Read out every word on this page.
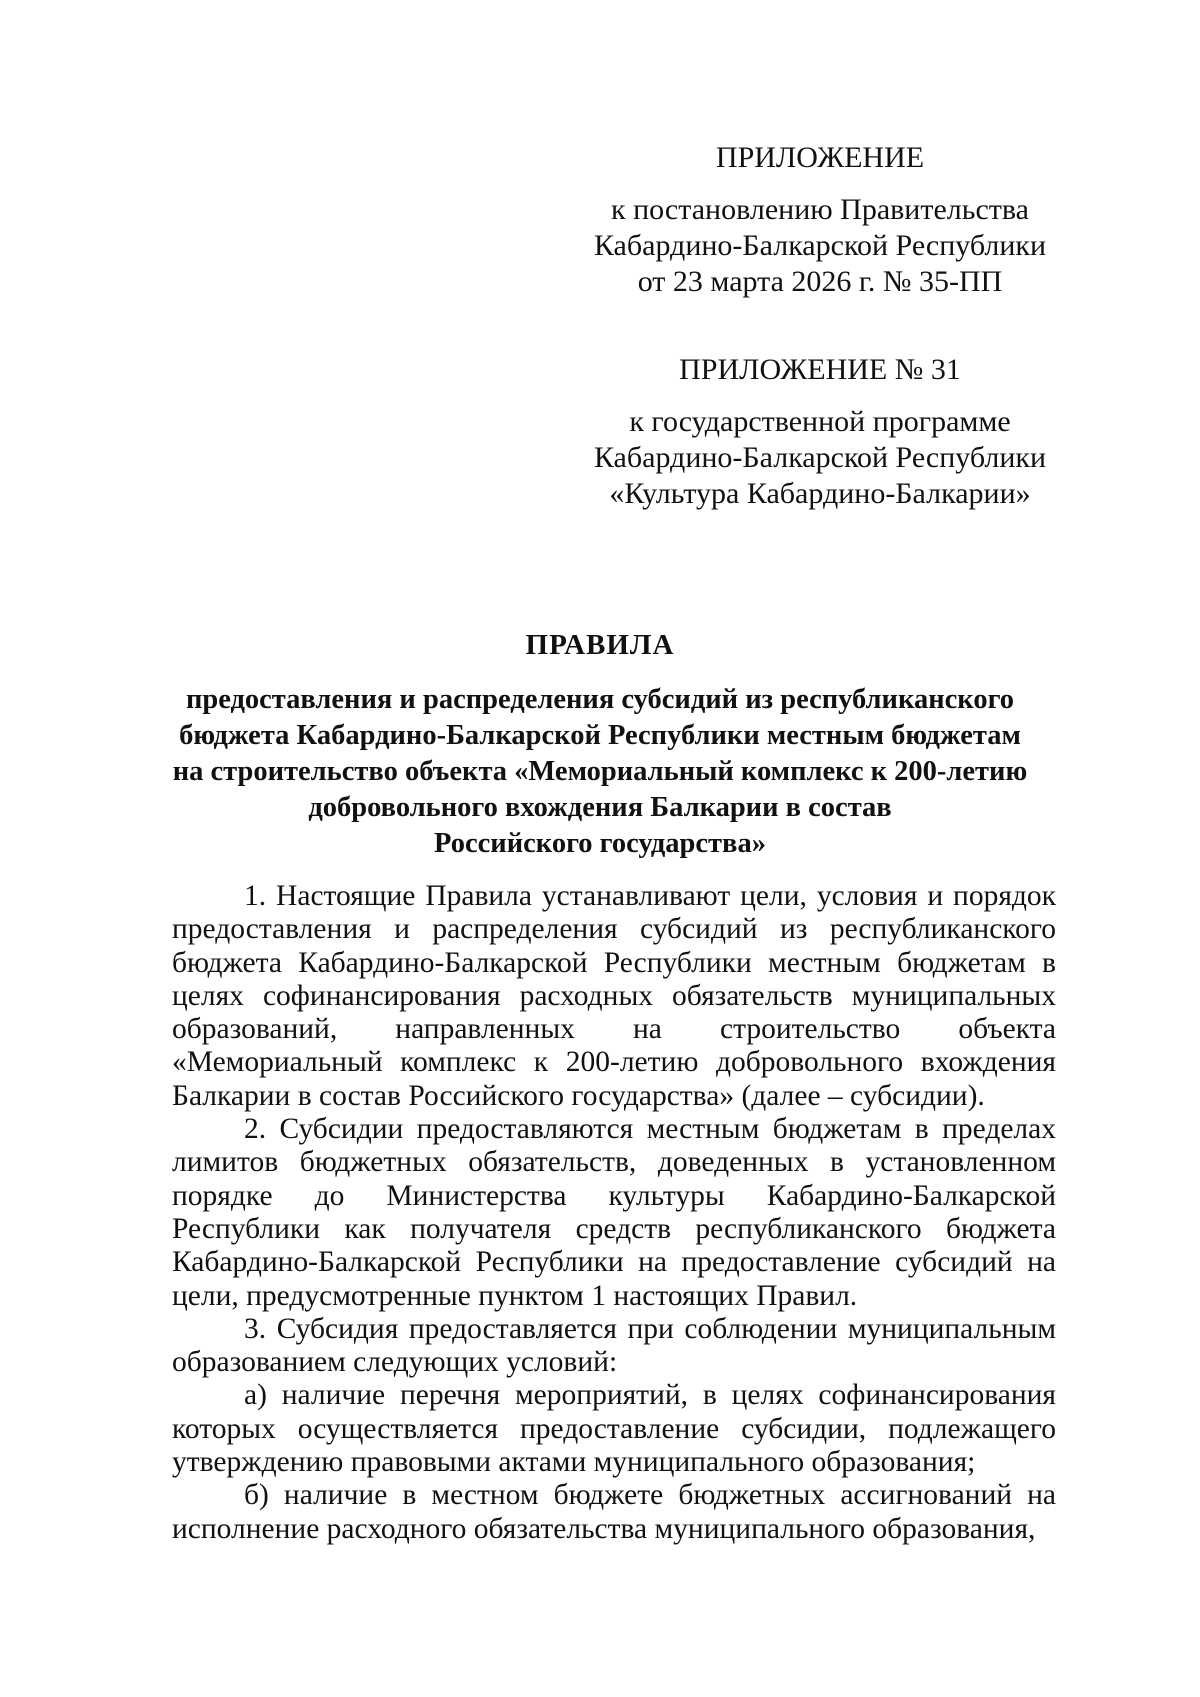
ПРИЛОЖЕНИЕ
к постановлению Правительства
Кабардино-Балкарской Республики
от 23 марта 2026 г. № 35-ПП
ПРИЛОЖЕНИЕ № 31
к государственной программе
Кабардино-Балкарской Республики
«Культура Кабардино-Балкарии»
ПРАВИЛА
предоставления и распределения субсидий из республиканского
бюджета Кабардино-Балкарской Республики местным бюджетам
на строительство объекта «Мемориальный комплекс к 200-летию
добровольного вхождения Балкарии в состав
Российского государства»

1. Настоящие Правила устанавливают цели, условия и порядок предоставления и распределения субсидий из республиканского бюджета Кабардино-Балкарской Республики местным бюджетам в целях софинансирования расходных обязательств муниципальных образований, направленных на строительство объекта «Мемориальный комплекс к 200-летию добровольного вхождения Балкарии в состав Российского государства» (далее – субсидии).

2. Субсидии предоставляются местным бюджетам в пределах лимитов бюджетных обязательств, доведенных в установленном порядке до Министерства культуры Кабардино-Балкарской Республики как получателя средств республиканского бюджета Кабардино-Балкарской Республики на предоставление субсидий на цели, предусмотренные пунктом 1 настоящих Правил.

3. Субсидия предоставляется при соблюдении муниципальным образованием следующих условий:

а) наличие перечня мероприятий, в целях софинансирования которых осуществляется предоставление субсидии, подлежащего утверждению правовыми актами муниципального образования;

б) наличие в местном бюджете бюджетных ассигнований на исполнение расходного обязательства муниципального образования,
